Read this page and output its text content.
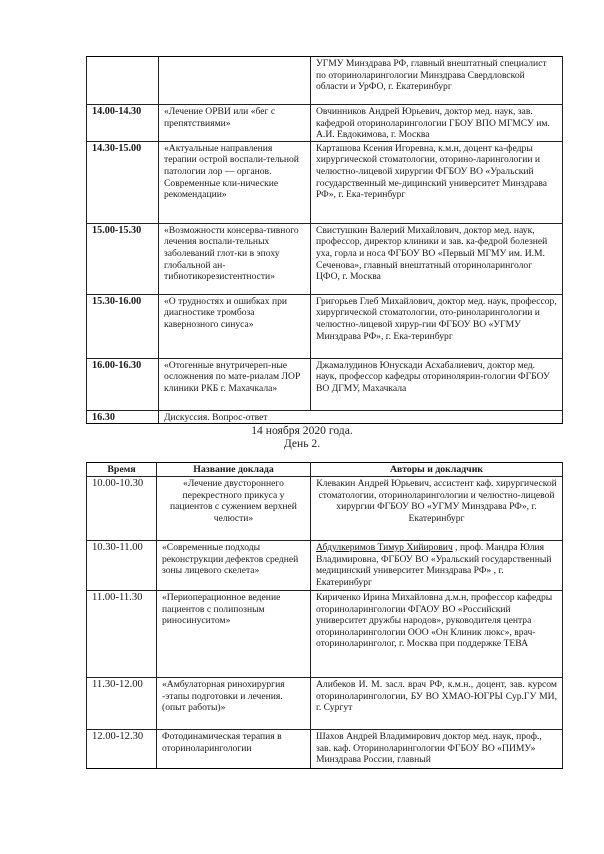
		УГМУ Минздрава РФ, главный внештатный специалист по оториноларингологии Минздрава Свердловской области и УрФО, г. Екатеринбург
14.00-14.30	«Лечение ОРВИ или «бег с препятствиями»	Овчинников Андрей Юрьевич, доктор мед. наук, зав. кафедрой оториноларингологии ГБОУ ВПО МГМСУ им. А.И. Евдокимова, г. Москва
14.30-15.00	«Актуальные направления терапии острой воспали-тельной патологии лор — органов. Современные кли-нические рекомендации»	Карташова Ксения Игоревна, к.м.н, доцент ка-федры хирургической стоматологии, оторино-ларингологии и челюстно-лицевой хирургии ФГБОУ ВО «Уральский государственный ме-дицинский университет Минздрава РФ», г. Ека-теринбург
15.00-15.30	«Возможности консерва-тивного лечения воспали-тельных заболеваний глот-ки в эпоху глобальной ан-тибиотикорезистентности»	Свистушкин Валерий Михайлович, доктор мед. наук, профессор, директор клиники и зав. ка-федрой болезней уха, горла и носа ФГБОУ ВО «Первый МГМУ им. И.М. Сеченова», главный внештатный оториноларинголог ЦФО, г. Москва
15.30-16.00	«О трудностях и ошибках при диагностике тромбоза кавернозного синуса»	Григорьев Глеб Михайлович, доктор мед. наук, профессор, хирургической стоматологии, ото-риноларингологии и челюстно-лицевой хирур-гии ФГБОУ ВО «УГМУ Минздрава РФ», г. Ека-теринбург
16.00-16.30	«Отогенные внутричереп-ные осложнения по мате-риалам ЛОР клиники РКБ г. Махачкала»	Джамалудинов Юнускади Асхабалиевич, доктор мед. наук, профессор кафедры оторинолярин-гологии ФГБОУ ВО ДГМУ, Махачкала
16.30	Дискуссия. Вопрос-ответ	
14 ноября 2020 года.
День 2.
Время	Название доклада	Авторы и докладчик
10.00-10.30	«Лечение двустороннего перекрестного прикуса у пациентов с сужением верхней челюсти»	Клевакин Андрей Юрьевич, ассистент каф. хирургической стоматологии, оториноларингологии и челюстно-лицевой хирургии ФГБОУ ВО «УГМУ Минздрава РФ», г. Екатеринбург
10.30-11.00	«Современные подходы реконструкции дефектов средней зоны лицевого скелета»	Абдулкеримов Тимур Хийирович , проф. Мандра Юлия Владимировна, ФГБОУ ВО «Уральский государственный медицинский университет Минздрава РФ» , г. Екатеринбург
11.00-11.30	«Периоперационное ведение пациентов с полипозным риносинуситом»	Кириченко Ирина Михайловна д.м.н, профессор кафедры оториноларингологии ФГАОУ ВО «Российский университет дружбы народов», руководителя центра оториноларингологии ООО «Он Клиник люкс», врач-оториноларинголог, г. Москва при поддержке ТЕВА
11.30-12.00	«Амбулаторная ринохирургия -этапы подготовки и лечения. (опыт работы)»	Алибеков И. М. засл. врач РФ, к.м.н., доцент, зав. курсом оториноларингологии, БУ ВО ХМАО-ЮГРЫ Сур.ГУ МИ, г. Сургут
12.00-12.30	Фотодинамическая терапия в оториноларингологии	Шахов Андрей Владимирович доктор мед. наук, проф., зав. каф. Оториноларингологии ФГБОУ ВО «ПИМУ» Минздрава России, главный
